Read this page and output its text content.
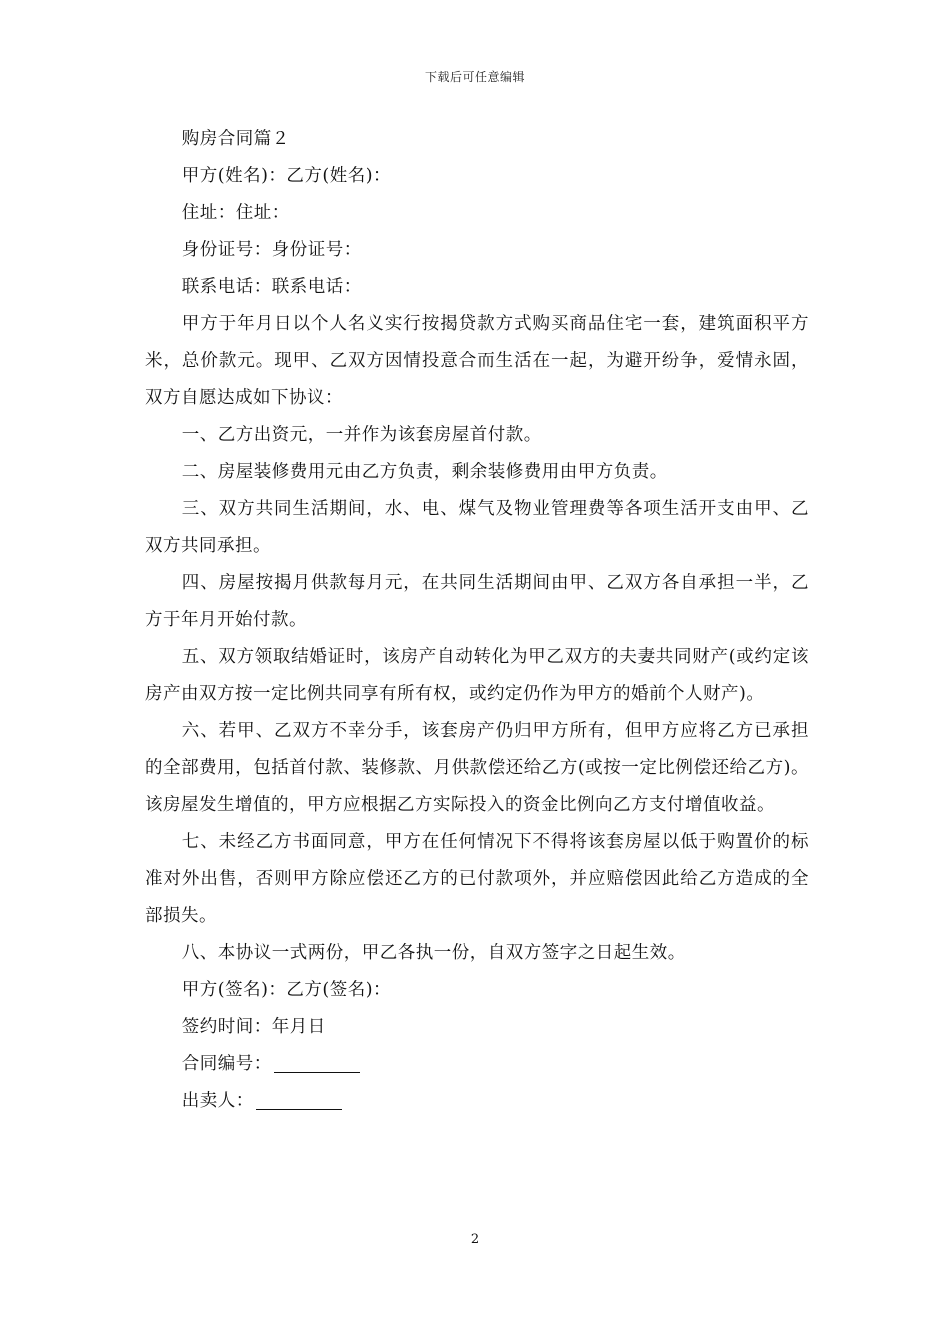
下载后可任意编辑

购房合同篇２

甲方(姓名)：乙方(姓名)：

住址：住址：

身份证号：身份证号：

联系电话：联系电话：

甲方于年月日以个人名义实行按揭贷款方式购买商品住宅一套，建筑面积平方米，总价款元。现甲、乙双方因情投意合而生活在一起，为避开纷争，爱情永固，双方自愿达成如下协议：

一、乙方出资元，一并作为该套房屋首付款。

二、房屋装修费用元由乙方负责，剩余装修费用由甲方负责。

三、双方共同生活期间，水、电、煤气及物业管理费等各项生活开支由甲、乙双方共同承担。

四、房屋按揭月供款每月元，在共同生活期间由甲、乙双方各自承担一半，乙方于年月开始付款。

五、双方领取结婚证时，该房产自动转化为甲乙双方的夫妻共同财产(或约定该房产由双方按一定比例共同享有所有权，或约定仍作为甲方的婚前个人财产)。

六、若甲、乙双方不幸分手，该套房产仍归甲方所有，但甲方应将乙方已承担的全部费用，包括首付款、装修款、月供款偿还给乙方(或按一定比例偿还给乙方)。该房屋发生增值的，甲方应根据乙方实际投入的资金比例向乙方支付增值收益。

七、未经乙方书面同意，甲方在任何情况下不得将该套房屋以低于购置价的标准对外出售，否则甲方除应偿还乙方的已付款项外，并应赔偿因此给乙方造成的全部损失。

八、本协议一式两份，甲乙各执一份，自双方签字之日起生效。

甲方(签名)：乙方(签名)：

签约时间：年月日

合同编号：

出卖人：

2
